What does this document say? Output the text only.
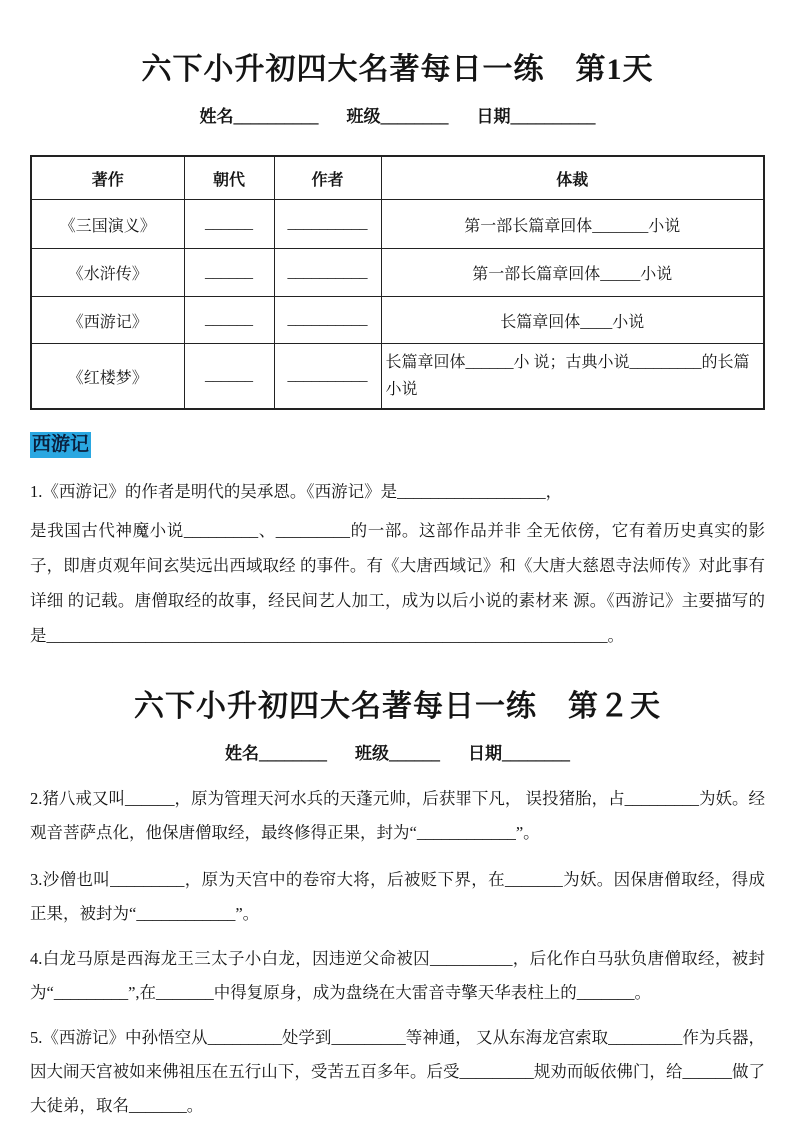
六下小升初四大名著每日一练　第1天
姓名__________ 班级________ 日期__________
著作	朝代	作者	体裁
《三国演义》	______	__________	第一部长篇章回体_______小说
《水浒传》	______	__________	第一部长篇章回体_____小说
《西游记》	______	__________	长篇章回体____小说
《红楼梦》	______	__________	长篇章回体______小 说；古典小说_________的长篇小说
西游记

1.《西游记》的作者是明代的吴承恩。《西游记》是__________________，

是我国古代神魔小说_________、_________的一部。这部作品并非 全无依傍，它有着历史真实的影子，即唐贞观年间玄奘远出西域取经 的事件。有《大唐西域记》和《大唐大慈恩寺法师传》对此事有详细 的记载。唐僧取经的故事，经民间艺人加工，成为以后小说的素材来 源。《西游记》主要描写的是____________________________________________________________________。

六下小升初四大名著每日一练　第２天
姓名________ 班级______ 日期________

2.猪八戒又叫______，原为管理天河水兵的天蓬元帅，后获罪下凡， 误投猪胎，占_________为妖。经观音菩萨点化，他保唐僧取经，最终修得正果，封为“____________”。

3.沙僧也叫_________，原为天宫中的卷帘大将，后被贬下界，在_______为妖。因保唐僧取经，得成正果，被封为“____________”。

4.白龙马原是西海龙王三太子小白龙，因违逆父命被囚__________，后化作白马驮负唐僧取经，被封为“_________”,在_______中得复原身，成为盘绕在大雷音寺擎天华表柱上的_______。

5.《西游记》中孙悟空从_________处学到_________等神通， 又从东海龙宫索取_________作为兵器，因大闹天宫被如来佛祖压在五行山下，受苦五百多年。后受_________规劝而皈依佛门，给______做了大徒弟，取名_______。
